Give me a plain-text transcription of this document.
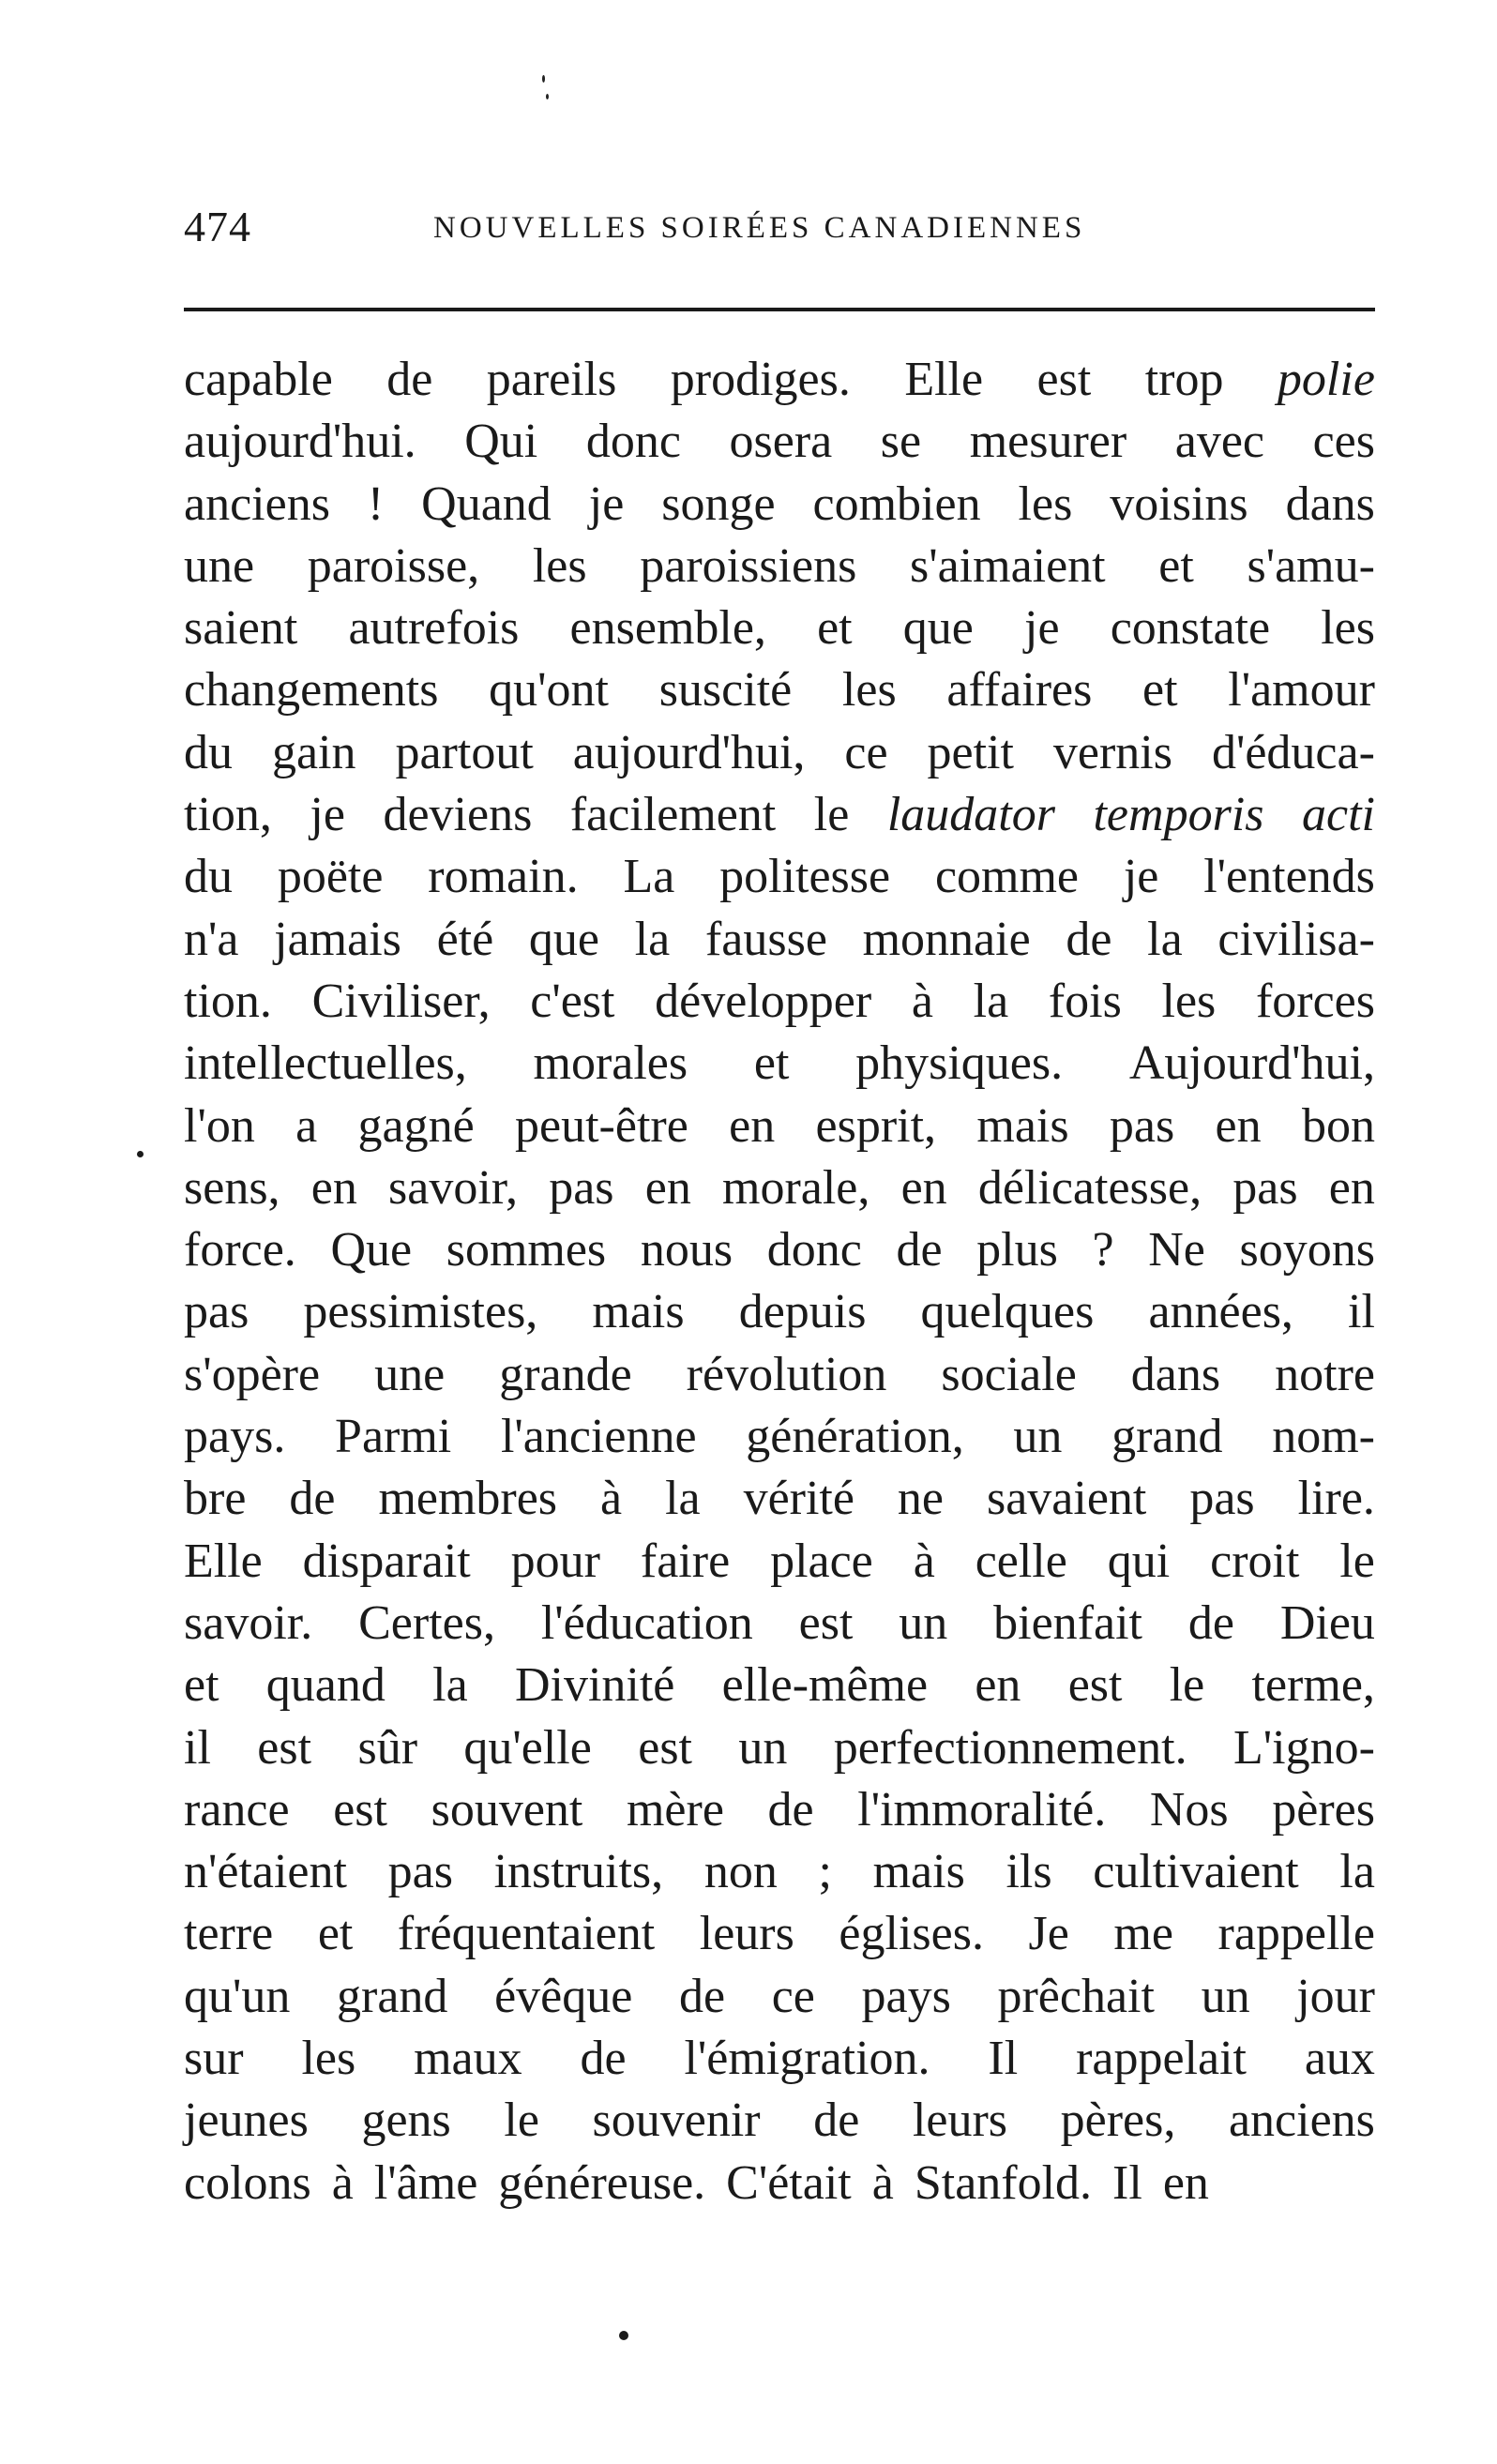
474	NOUVELLES SOIRÉES CANADIENNES
capable de pareils prodiges. Elle est trop polie
aujourd'hui. Qui donc osera se mesurer avec ces
anciens ! Quand je songe combien les voisins dans
une paroisse, les paroissiens s'aimaient et s'amu-
saient autrefois ensemble, et que je constate les
changements qu'ont suscité les affaires et l'amour
du gain partout aujourd'hui, ce petit vernis d'éduca-
tion, je deviens facilement le laudator temporis acti
du poëte romain. La politesse comme je l'entends
n'a jamais été que la fausse monnaie de la civilisa-
tion. Civiliser, c'est développer à la fois les forces
intellectuelles, morales et physiques. Aujourd'hui,
l'on a gagné peut-être en esprit, mais pas en bon
sens, en savoir, pas en morale, en délicatesse, pas en
force. Que sommes nous donc de plus ? Ne soyons
pas pessimistes, mais depuis quelques années, il
s'opère une grande révolution sociale dans notre
pays. Parmi l'ancienne génération, un grand nom-
bre de membres à la vérité ne savaient pas lire.
Elle disparait pour faire place à celle qui croit le
savoir. Certes, l'éducation est un bienfait de Dieu
et quand la Divinité elle-même en est le terme,
il est sûr qu'elle est un perfectionnement. L'igno-
rance est souvent mère de l'immoralité. Nos pères
n'étaient pas instruits, non ; mais ils cultivaient la
terre et fréquentaient leurs églises. Je me rappelle
qu'un grand évêque de ce pays prêchait un jour
sur les maux de l'émigration. Il rappelait aux
jeunes gens le souvenir de leurs pères, anciens
colons à l'âme généreuse. C'était à Stanfold. Il en
